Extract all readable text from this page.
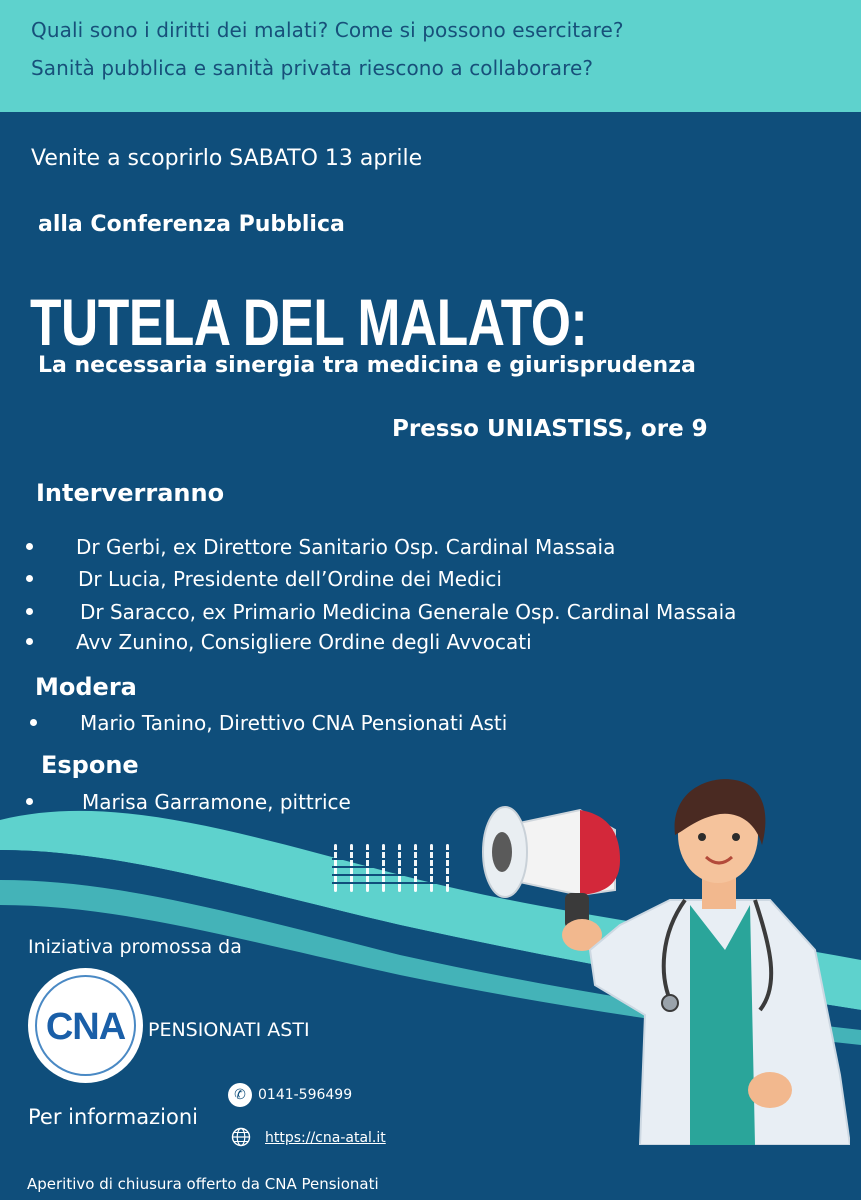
Quali sono i diritti dei malati? Come si possono esercitare?
Sanità pubblica e sanità privata riescono a collaborare?
Venite a scoprirlo SABATO 13 aprile
alla Conferenza Pubblica
TUTELA DEL MALATO:
La necessaria sinergia tra medicina e giurisprudenza
Presso UNIASTISS, ore 9
Interverranno
Dr Gerbi, ex Direttore Sanitario Osp. Cardinal Massaia
Dr Lucia, Presidente dell’Ordine dei Medici
Dr Saracco, ex Primario Medicina Generale Osp. Cardinal Massaia
Avv Zunino, Consigliere Ordine degli Avvocati
Modera
Mario Tanino, Direttivo CNA Pensionati Asti
Espone
Marisa Garramone, pittrice
Iniziativa promossa da
CNA	PENSIONATI ASTI
Per informazioni
✆ 0141-596499
https://cna-atal.it
Aperitivo di chiusura offerto da CNA Pensionati
